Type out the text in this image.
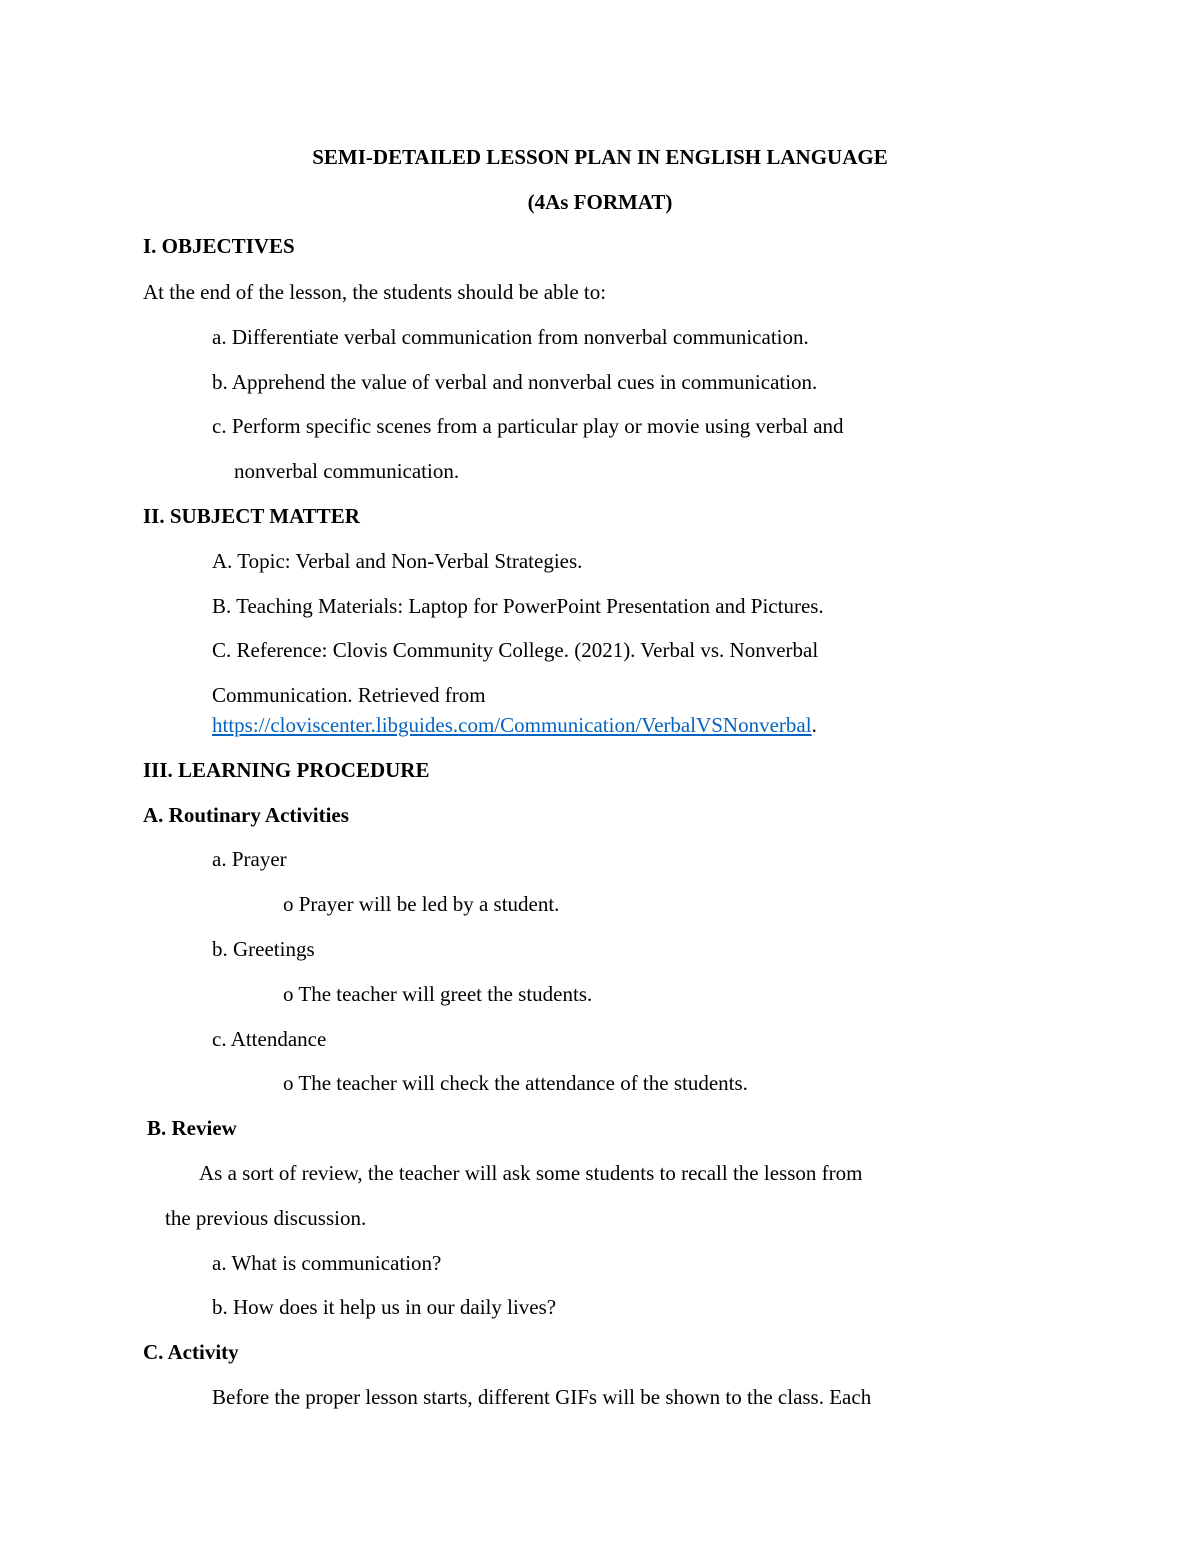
SEMI-DETAILED LESSON PLAN IN ENGLISH LANGUAGE

(4As FORMAT)

I. OBJECTIVES

At the end of the lesson, the students should be able to:

a. Differentiate verbal communication from nonverbal communication.

b. Apprehend the value of verbal and nonverbal cues in communication.

c. Perform specific scenes from a particular play or movie using verbal and

nonverbal communication.

II. SUBJECT MATTER

A. Topic: Verbal and Non-Verbal Strategies.

B. Teaching Materials: Laptop for PowerPoint Presentation and Pictures.

C. Reference: Clovis Community College. (2021). Verbal vs. Nonverbal

Communication. Retrieved from

https://cloviscenter.libguides.com/Communication/VerbalVSNonverbal.

III. LEARNING PROCEDURE

A. Routinary Activities

a. Prayer

o Prayer will be led by a student.

b. Greetings

o The teacher will greet the students.

c. Attendance

o The teacher will check the attendance of the students.

B. Review

As a sort of review, the teacher will ask some students to recall the lesson from

the previous discussion.

a. What is communication?

b. How does it help us in our daily lives?

C. Activity

Before the proper lesson starts, different GIFs will be shown to the class. Each
